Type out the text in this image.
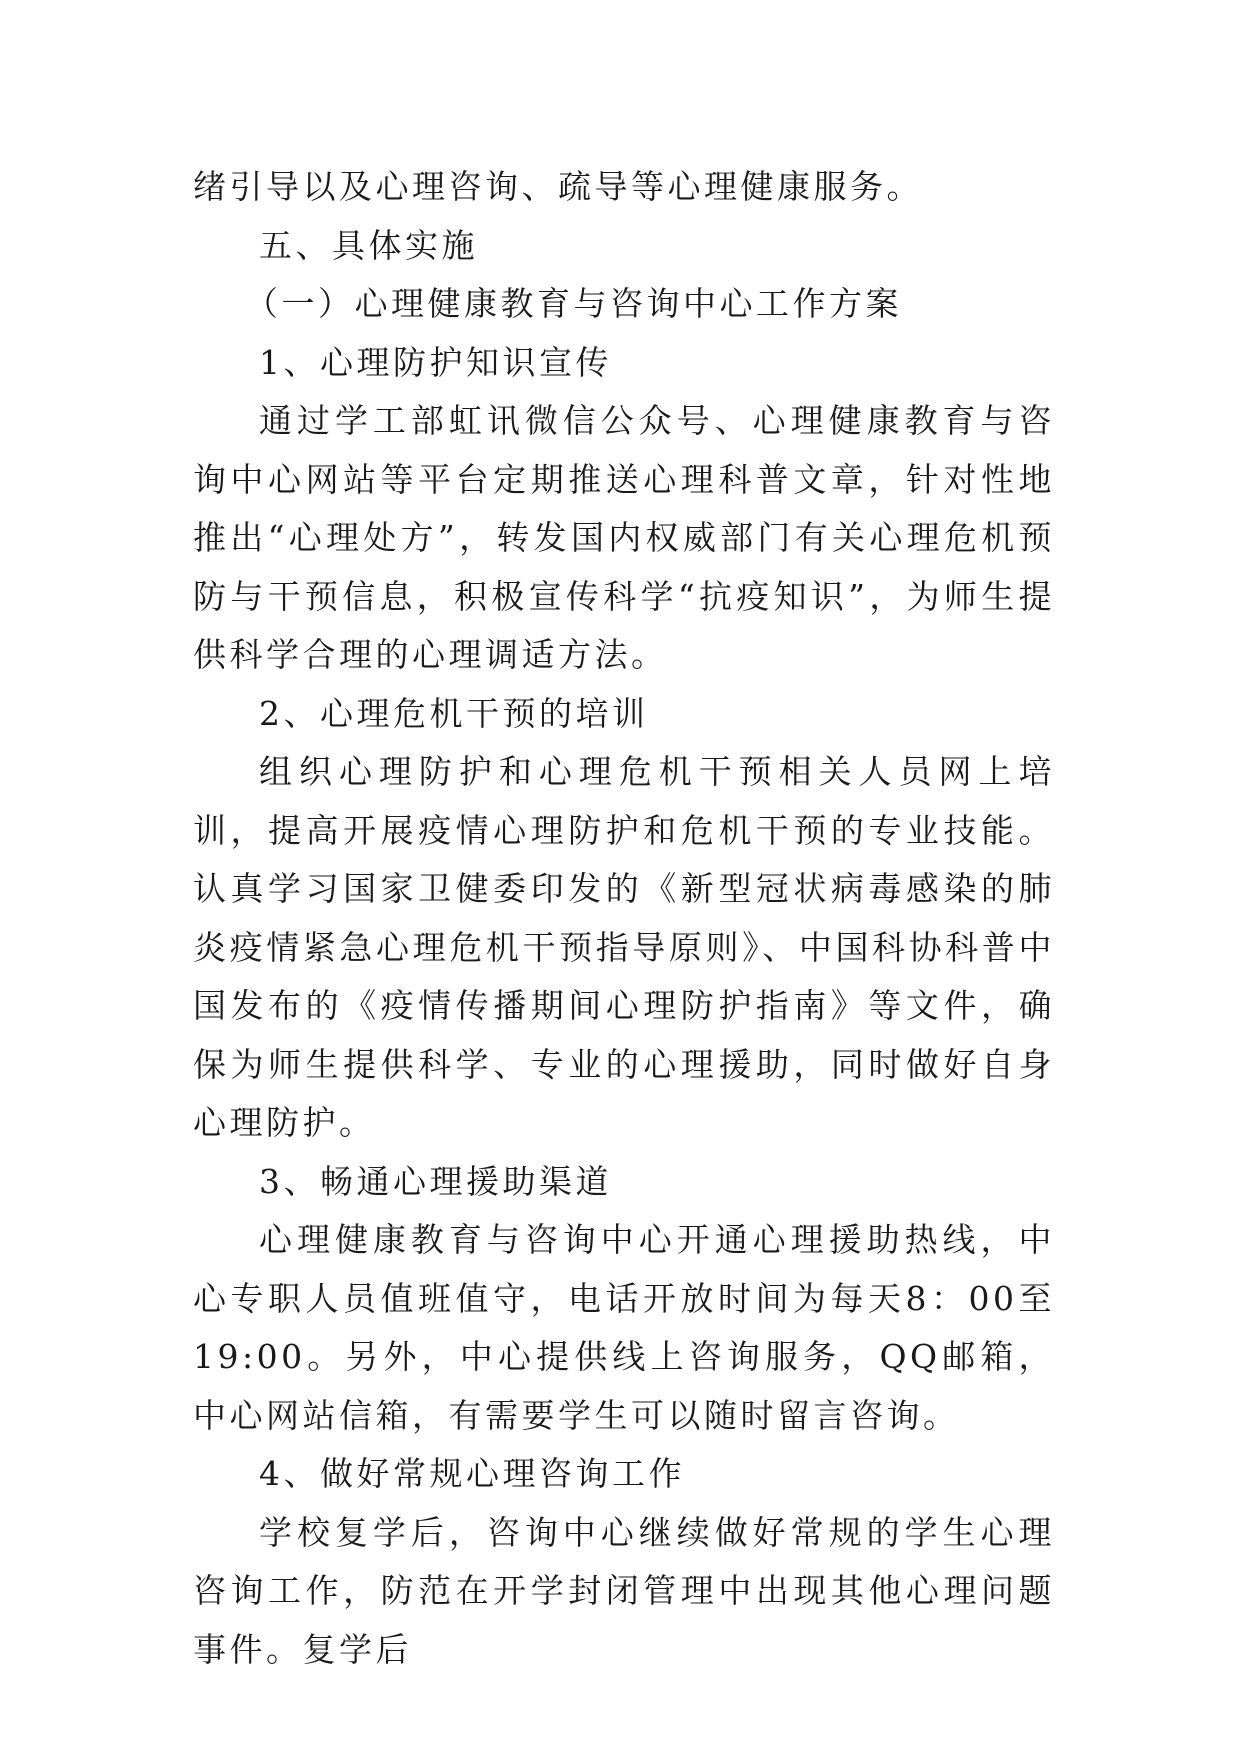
绪引导以及心理咨询、疏导等心理健康服务。

五、具体实施

（一）心理健康教育与咨询中心工作方案

1、心理防护知识宣传

通过学工部虹讯微信公众号、心理健康教育与咨询中心网站等平台定期推送心理科普文章，针对性地推出“心理处方”，转发国内权威部门有关心理危机预防与干预信息，积极宣传科学“抗疫知识”，为师生提供科学合理的心理调适方法。

2、心理危机干预的培训

组织心理防护和心理危机干预相关人员网上培训，提高开展疫情心理防护和危机干预的专业技能。认真学习国家卫健委印发的《新型冠状病毒感染的肺炎疫情紧急心理危机干预指导原则》、中国科协科普中国发布的《疫情传播期间心理防护指南》等文件，确保为师生提供科学、专业的心理援助，同时做好自身心理防护。

3、畅通心理援助渠道

心理健康教育与咨询中心开通心理援助热线，中心专职人员值班值守，电话开放时间为每天8：00至19:00。另外，中心提供线上咨询服务，QQ邮箱，中心网站信箱，有需要学生可以随时留言咨询。

4、做好常规心理咨询工作

学校复学后，咨询中心继续做好常规的学生心理咨询工作，防范在开学封闭管理中出现其他心理问题事件。复学后
